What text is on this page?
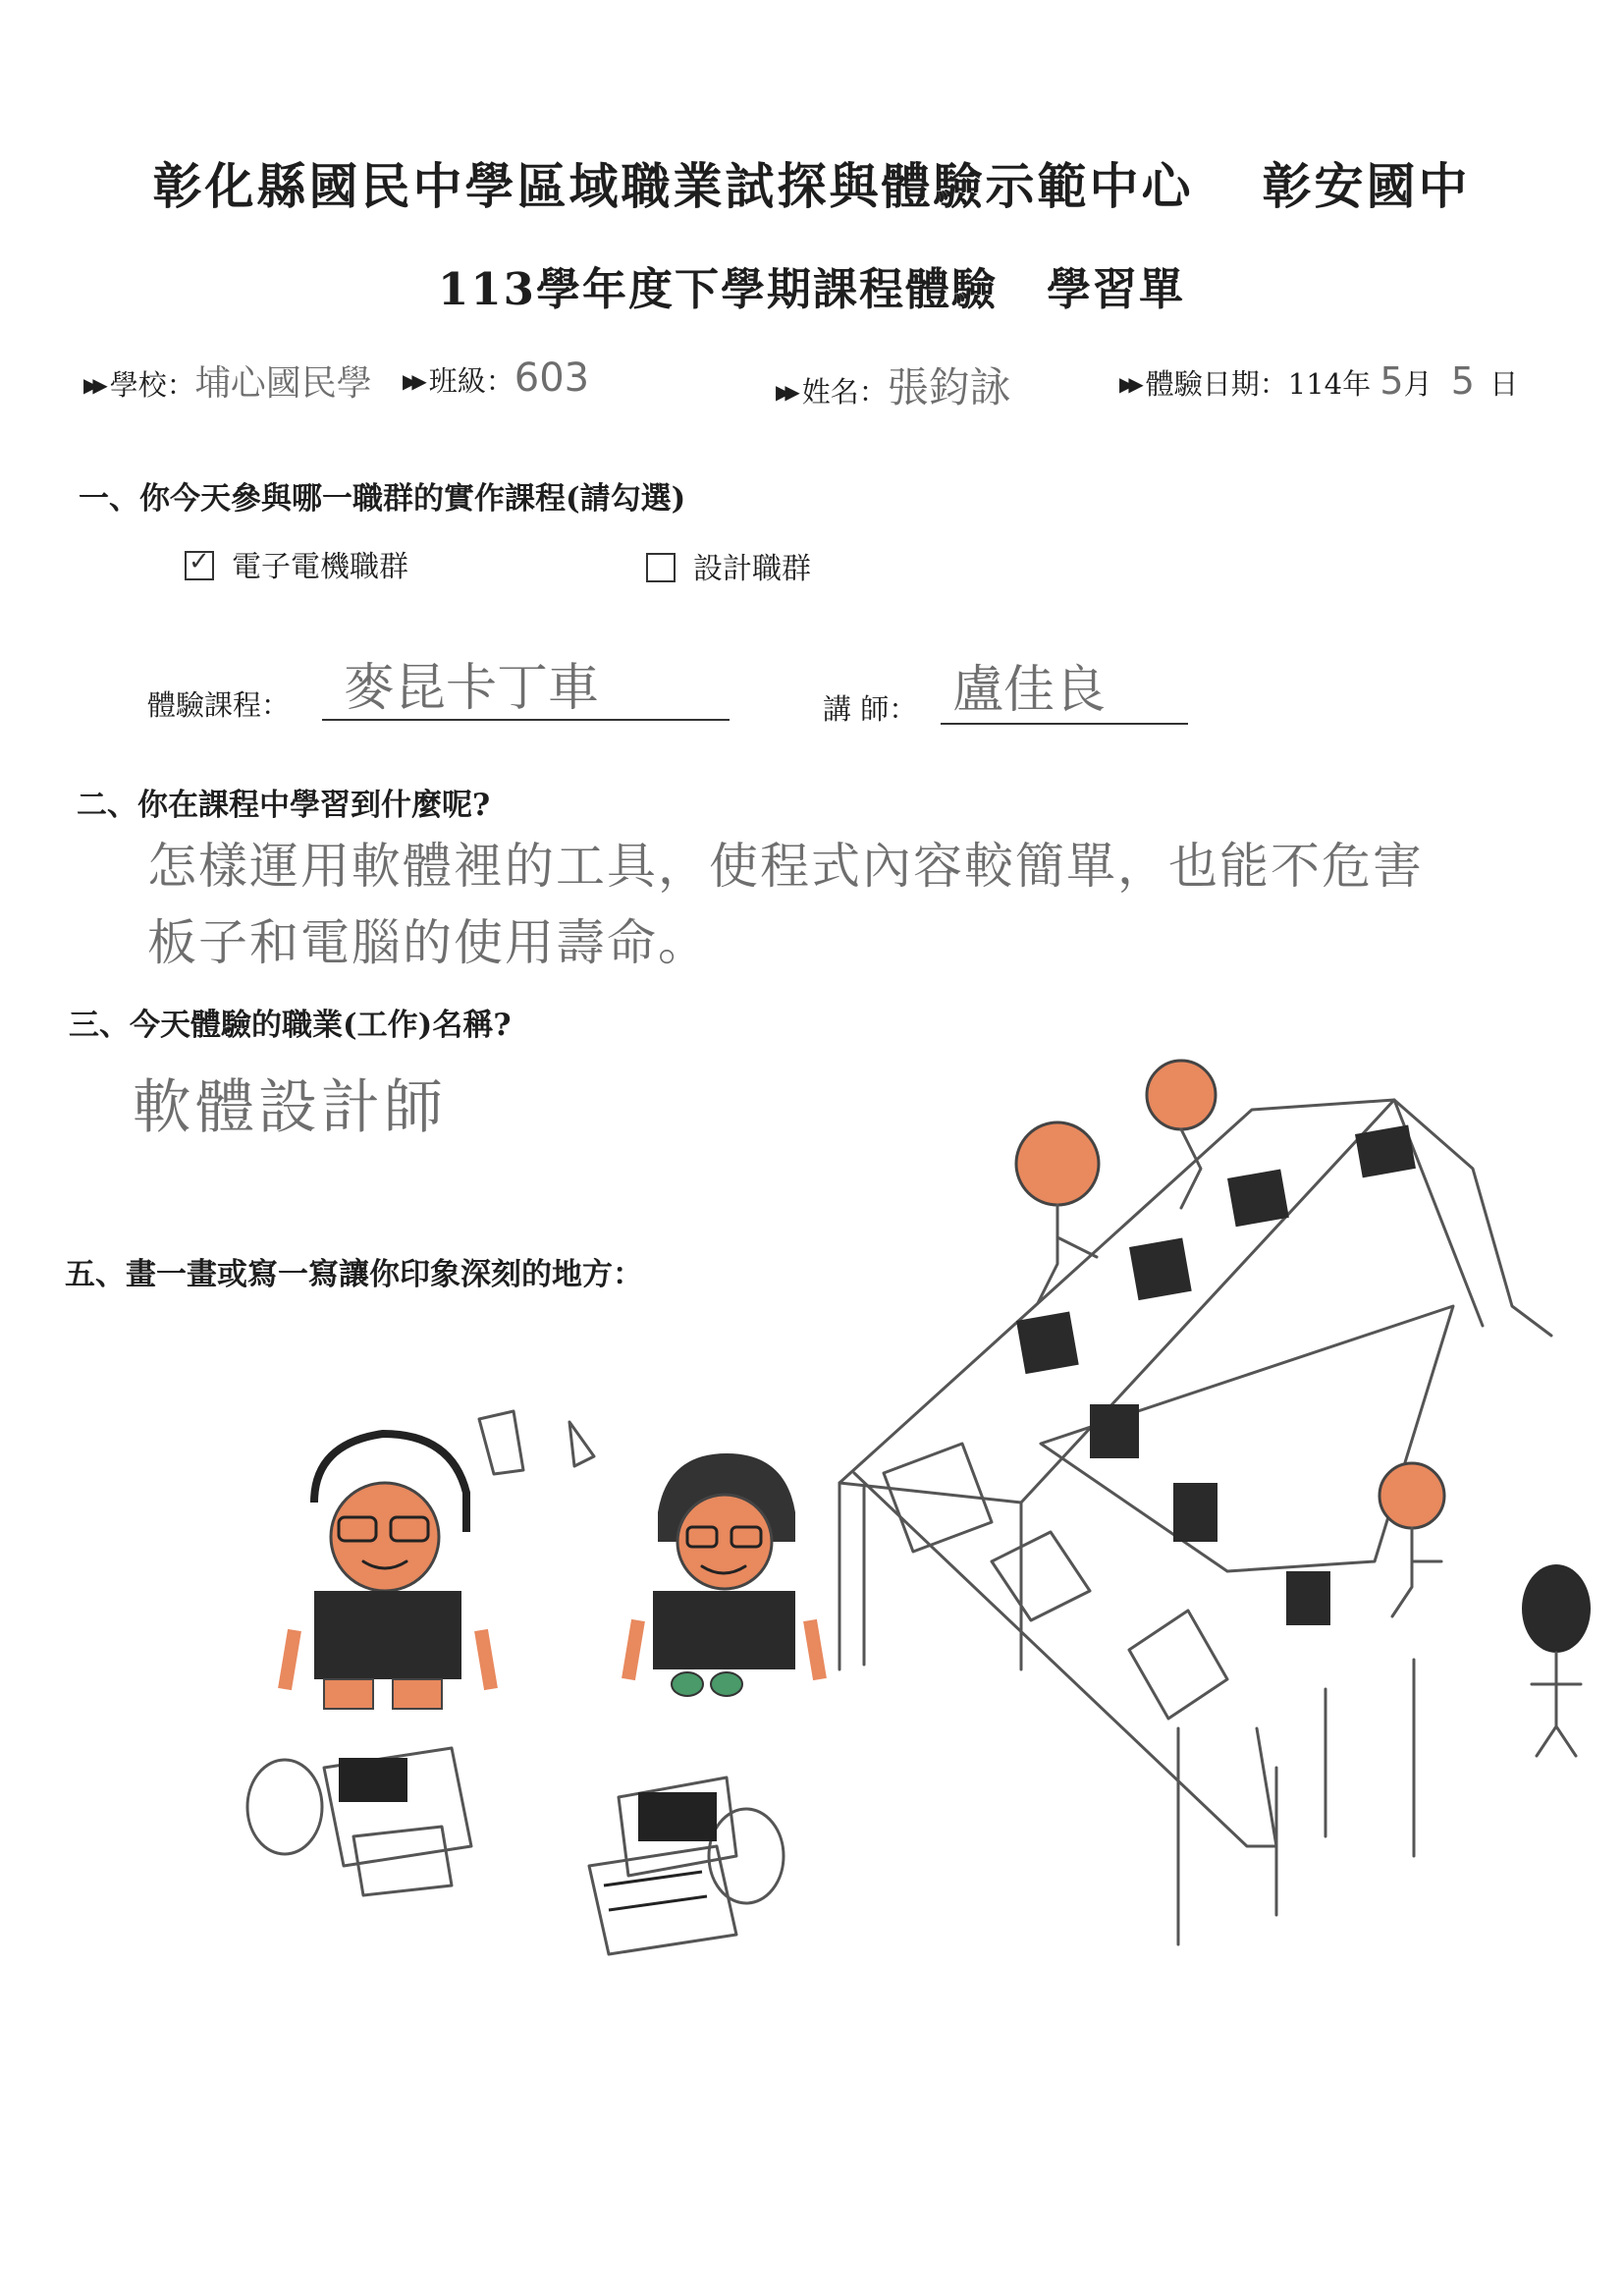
彰化縣國民中學區域職業試探與體驗示範中心 彰安國中
113學年度下學期課程體驗 學習單
▶▶ 學校：埔心國民學 ▶▶ 班級：603	▶▶ 姓名：張鈞詠	▶▶ 體驗日期：114年 5月 5 日
一、你今天參與哪一職群的實作課程(請勾選)
✓ 電子電機職群	設計職群
體驗課程： 麥昆卡丁車	講 師： 盧佳良
二、你在課程中學習到什麼呢?
怎樣運用軟體裡的工具，使程式內容較簡單，也能不危害
板子和電腦的使用壽命。
三、今天體驗的職業(工作)名稱?
軟體設計師
五、畫一畫或寫一寫讓你印象深刻的地方：
